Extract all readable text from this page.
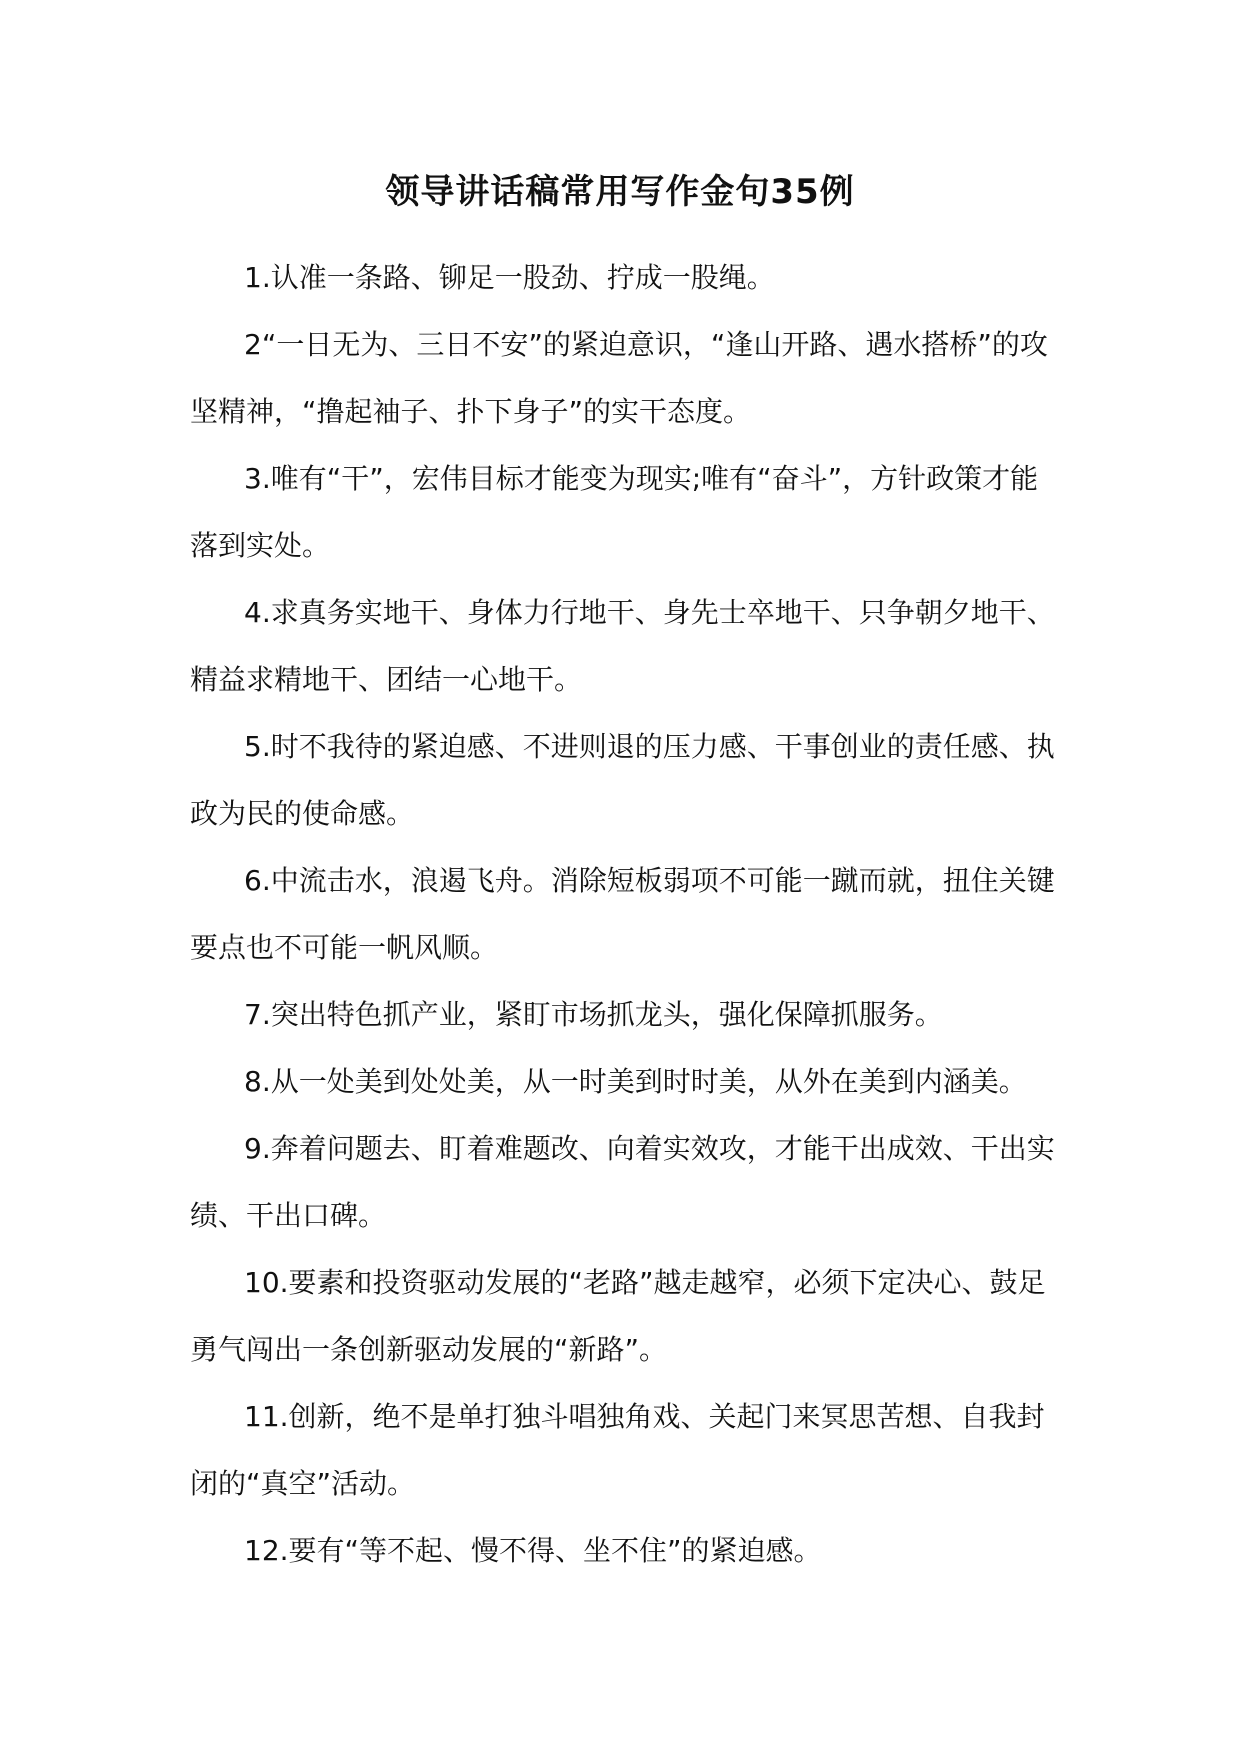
领导讲话稿常用写作金句35例

1.认准一条路、铆足一股劲、拧成一股绳。

2“一日无为、三日不安”的紧迫意识，“逢山开路、遇水搭桥”的攻坚精神，“撸起袖子、扑下身子”的实干态度。

3.唯有“干”，宏伟目标才能变为现实;唯有“奋斗”，方针政策才能落到实处。

4.求真务实地干、身体力行地干、身先士卒地干、只争朝夕地干、精益求精地干、团结一心地干。

5.时不我待的紧迫感、不进则退的压力感、干事创业的责任感、执政为民的使命感。

6.中流击水，浪遏飞舟。消除短板弱项不可能一蹴而就，扭住关键要点也不可能一帆风顺。

7.突出特色抓产业，紧盯市场抓龙头，强化保障抓服务。

8.从一处美到处处美，从一时美到时时美，从外在美到内涵美。

9.奔着问题去、盯着难题改、向着实效攻，才能干出成效、干出实绩、干出口碑。

10.要素和投资驱动发展的“老路”越走越窄，必须下定决心、鼓足勇气闯出一条创新驱动发展的“新路”。

11.创新，绝不是单打独斗唱独角戏、关起门来冥思苦想、自我封闭的“真空”活动。

12.要有“等不起、慢不得、坐不住”的紧迫感。
